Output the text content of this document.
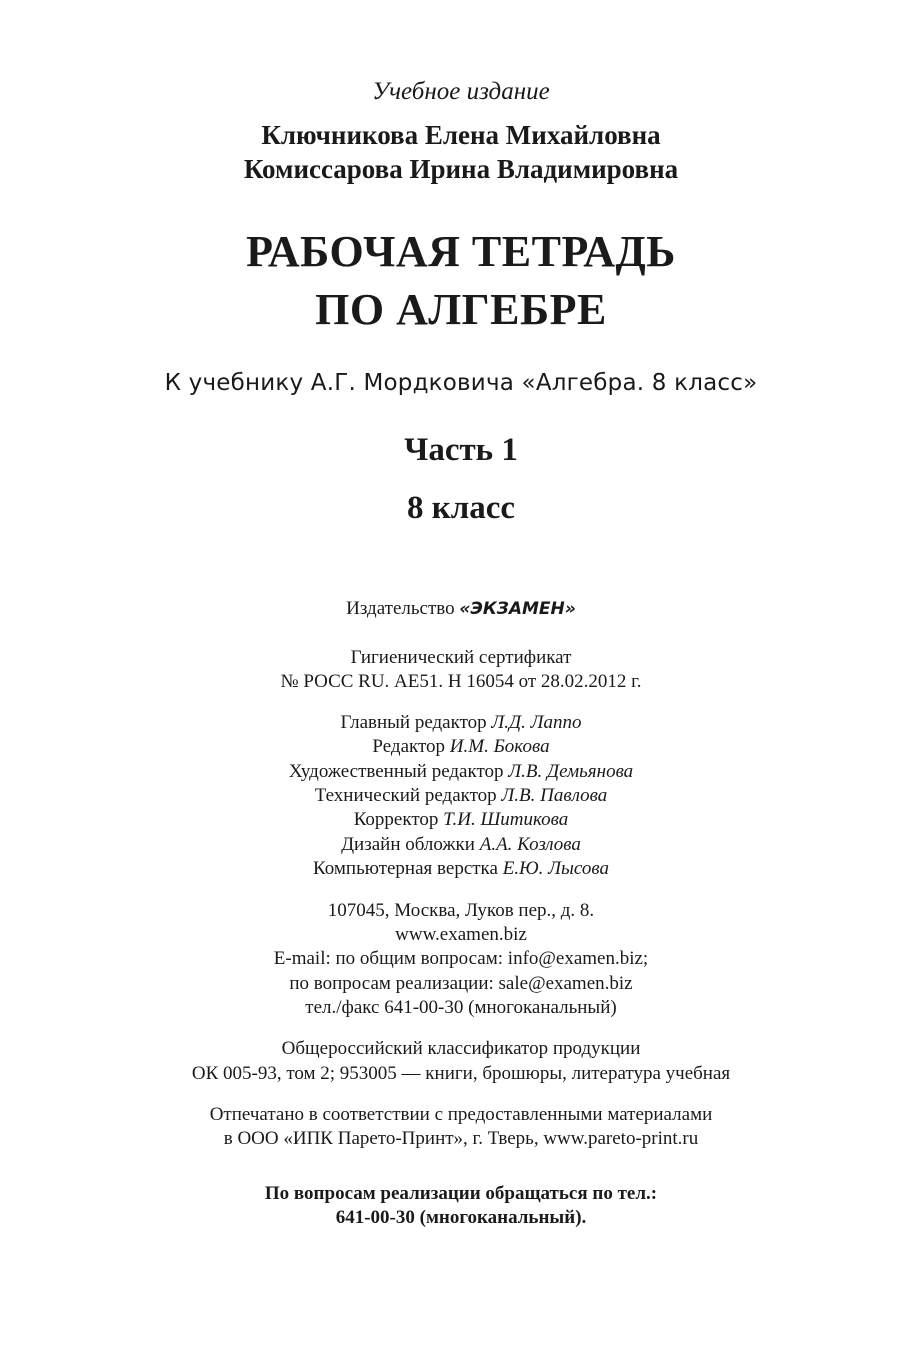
Учебное издание
Ключникова Елена Михайловна
Комиссарова Ирина Владимировна
РАБОЧАЯ ТЕТРАДЬ
ПО АЛГЕБРЕ
К учебнику А.Г. Мордковича «Алгебра. 8 класс»
Часть 1
8 класс
Издательство «ЭКЗАМЕН»
Гигиенический сертификат
№ РОСС RU. АЕ51. Н 16054 от 28.02.2012 г.
Главный редактор Л.Д. Лаппо
Редактор И.М. Бокова
Художественный редактор Л.В. Демьянова
Технический редактор Л.В. Павлова
Корректор Т.И. Шитикова
Дизайн обложки А.А. Козлова
Компьютерная верстка Е.Ю. Лысова
107045, Москва, Луков пер., д. 8.
www.examen.biz
E-mail: по общим вопросам: info@examen.biz;
по вопросам реализации: sale@examen.biz
тел./факс 641-00-30 (многоканальный)
Общероссийский классификатор продукции
ОК 005-93, том 2; 953005 — книги, брошюры, литература учебная
Отпечатано в соответствии с предоставленными материалами
в ООО «ИПК Парето-Принт», г. Тверь, www.pareto-print.ru
По вопросам реализации обращаться по тел.:
641-00-30 (многоканальный).
